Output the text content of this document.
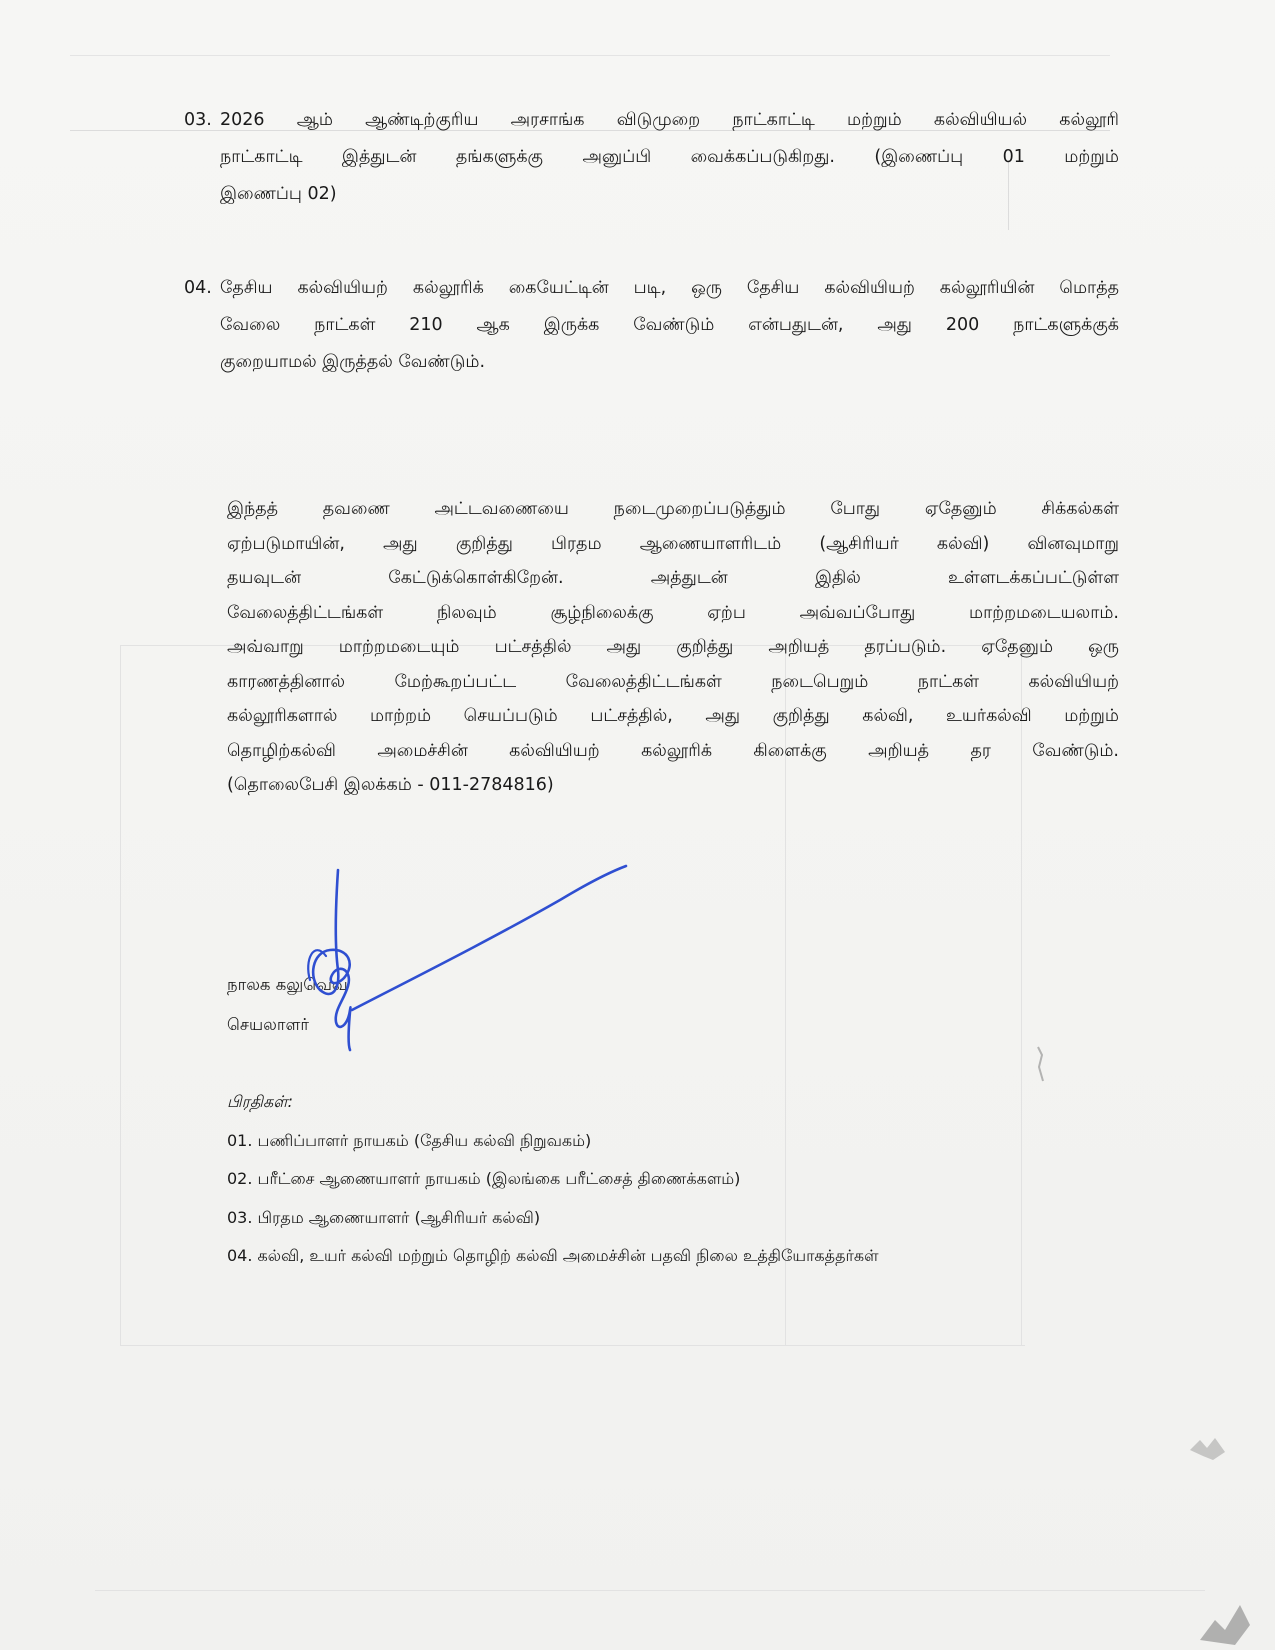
03. 2026 ஆம் ஆண்டிற்குரிய அரசாங்க விடுமுறை நாட்காட்டி மற்றும் கல்வியியல் கல்லூரி
நாட்காட்டி இத்துடன் தங்களுக்கு அனுப்பி வைக்கப்படுகிறது. (இணைப்பு 01 மற்றும்
இணைப்பு 02)
04. தேசிய கல்வியியற் கல்லூரிக் கையேட்டின் படி, ஒரு தேசிய கல்வியியற் கல்லூரியின் மொத்த
வேலை நாட்கள் 210 ஆக இருக்க வேண்டும் என்பதுடன், அது 200 நாட்களுக்குக்
குறையாமல் இருத்தல் வேண்டும்.
இந்தத் தவணை அட்டவணையை நடைமுறைப்படுத்தும் போது ஏதேனும் சிக்கல்கள்
ஏற்படுமாயின், அது குறித்து பிரதம ஆணையாளரிடம் (ஆசிரியர் கல்வி) வினவுமாறு
தயவுடன் கேட்டுக்கொள்கிறேன். அத்துடன் இதில் உள்ளடக்கப்பட்டுள்ள
வேலைத்திட்டங்கள் நிலவும் சூழ்நிலைக்கு ஏற்ப அவ்வப்போது மாற்றமடையலாம்.
அவ்வாறு மாற்றமடையும் பட்சத்தில் அது குறித்து அறியத் தரப்படும். ஏதேனும் ஒரு
காரணத்தினால் மேற்கூறப்பட்ட வேலைத்திட்டங்கள் நடைபெறும் நாட்கள் கல்வியியற்
கல்லூரிகளால் மாற்றம் செயப்படும் பட்சத்தில், அது குறித்து கல்வி, உயர்கல்வி மற்றும்
தொழிற்கல்வி அமைச்சின் கல்வியியற் கல்லூரிக் கிளைக்கு அறியத் தர வேண்டும்.
(தொலைபேசி இலக்கம் - 011-2784816)
நாலக கலுவெவ
செயலாளர்
பிரதிகள்:
01. பணிப்பாளர் நாயகம் (தேசிய கல்வி நிறுவகம்)
02. பரீட்சை ஆணையாளர் நாயகம் (இலங்கை பரீட்சைத் திணைக்களம்)
03. பிரதம ஆணையாளர் (ஆசிரியர் கல்வி)
04. கல்வி, உயர் கல்வி மற்றும் தொழிற் கல்வி அமைச்சின் பதவி நிலை உத்தியோகத்தர்கள்
